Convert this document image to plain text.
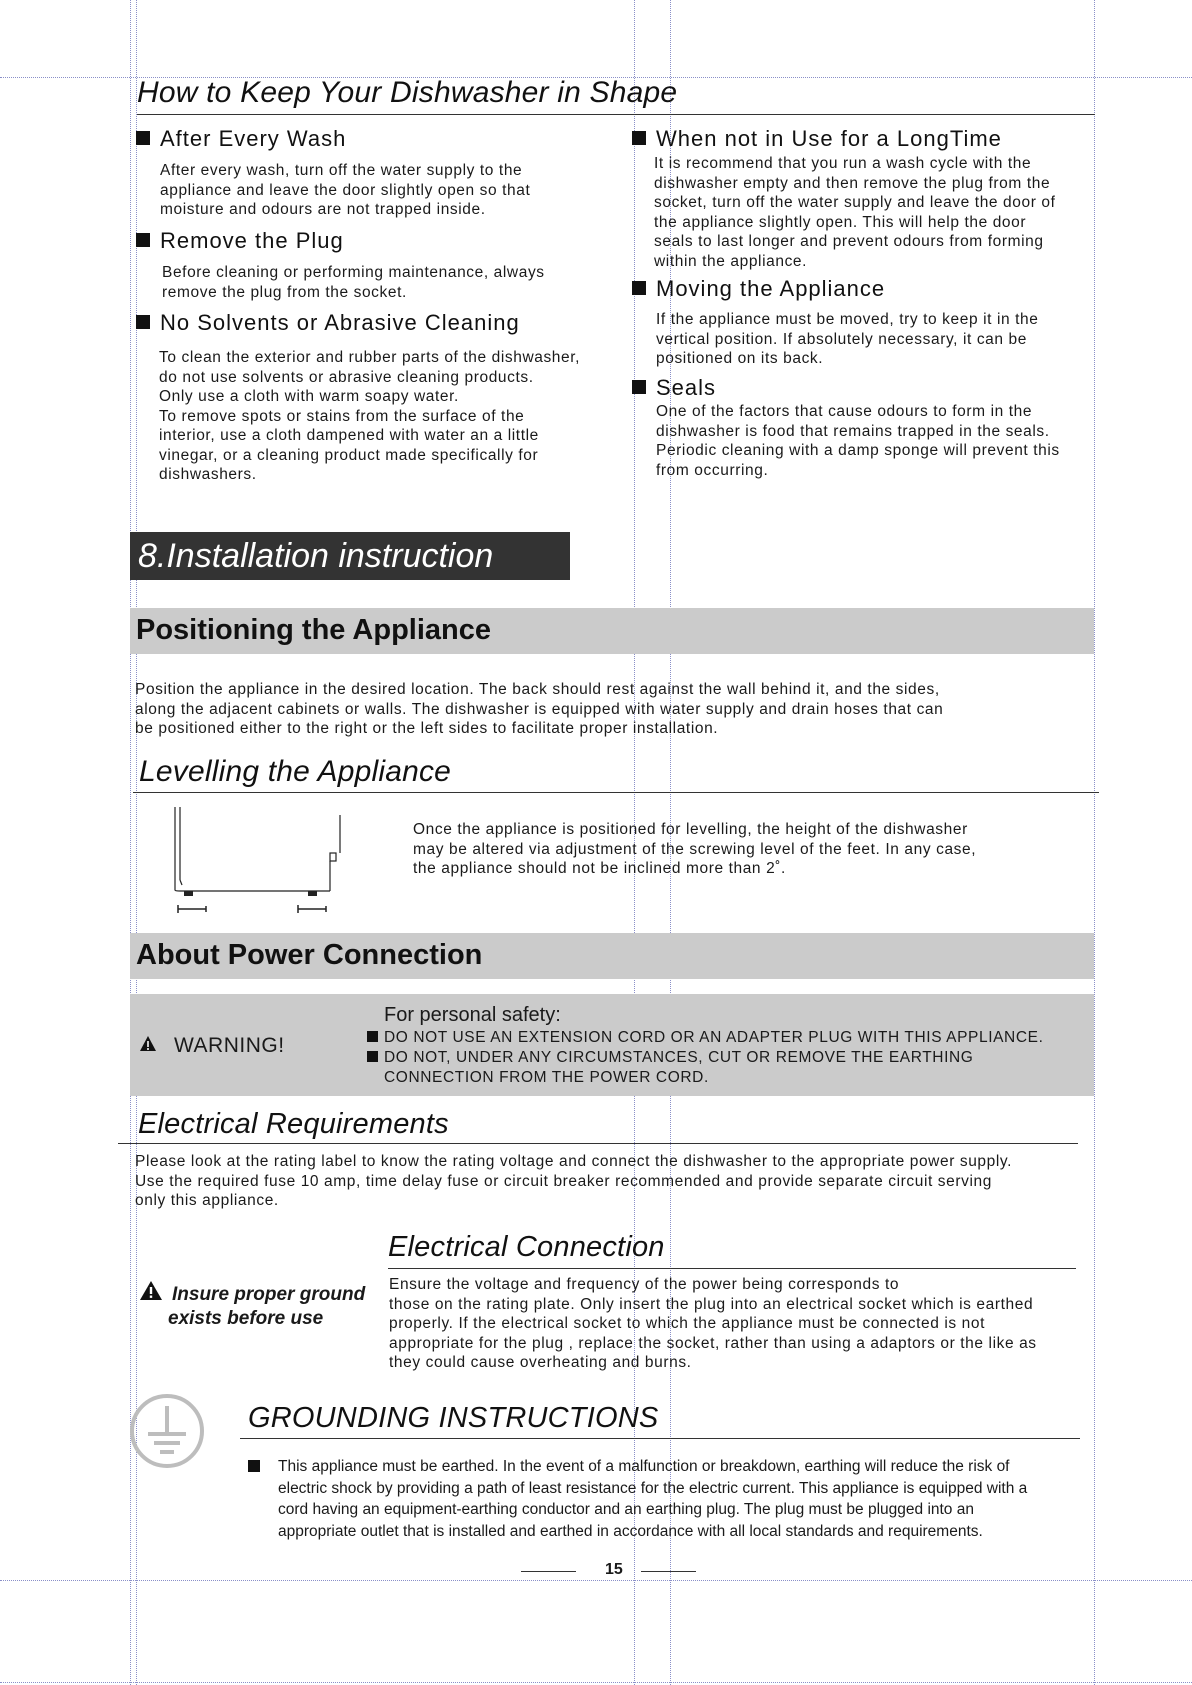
How to Keep Your Dishwasher in Shape
After Every Wash
After every wash, turn off the water supply to the
appliance and leave the door slightly open so that
moisture and odours are not trapped inside.
Remove the Plug
Before cleaning or performing maintenance, always
remove the plug from the socket.
No Solvents or Abrasive Cleaning
To clean the exterior and rubber parts of the dishwasher,
do not use solvents or abrasive cleaning products.
Only use a cloth with warm soapy water.
To remove spots or stains from the surface of the
interior, use a cloth dampened with water an a little
vinegar, or a cleaning product made specifically for
dishwashers.
When not in Use for a LongTime
It is recommend that you run a wash cycle with the
dishwasher empty and then remove the plug from the
socket, turn off the water supply and leave the door of
the appliance slightly open. This will help the door
seals to last longer and prevent odours from forming
within the appliance.
Moving the Appliance
If the appliance must be moved, try to keep it in the
vertical position. If absolutely necessary, it can be
positioned on its back.
Seals
One of the factors that cause odours to form in the
dishwasher is food that remains trapped in the seals.
Periodic cleaning with a damp sponge will prevent this
from occurring.
8.Installation instruction
Positioning the Appliance
Position the appliance in the desired location. The back should rest against the wall behind it, and the sides,
along the adjacent cabinets or walls. The dishwasher is equipped with water supply and drain hoses that can
be positioned either to the right or the left sides to facilitate proper installation.
Levelling the Appliance
Once the appliance is positioned for levelling, the height of the dishwasher
may be altered via adjustment of the screwing level of the feet. In any case,
the appliance should not be inclined more than 2˚.
About Power Connection
WARNING!
For personal safety:
DO NOT USE AN EXTENSION CORD OR AN ADAPTER PLUG WITH THIS APPLIANCE.
DO NOT, UNDER ANY CIRCUMSTANCES, CUT OR REMOVE THE EARTHING
CONNECTION FROM THE POWER CORD.
Electrical Requirements
Please look at the rating label to know the rating voltage and connect the dishwasher to the appropriate power supply.
Use the required fuse 10 amp, time delay fuse or circuit breaker recommended and provide separate circuit serving
only this appliance.
Electrical Connection
Insure proper ground
exists before use
Ensure the voltage and frequency of the power being corresponds to
those on the rating plate. Only insert the plug into an electrical socket which is earthed
properly. If the electrical socket to which the appliance must be connected is not
appropriate for the plug , replace the socket, rather than using a adaptors or the like as
they could cause overheating and burns.
GROUNDING INSTRUCTIONS
This appliance must be earthed. In the event of a malfunction or breakdown, earthing will reduce the risk of
electric shock by providing a path of least resistance for the electric current. This appliance is equipped with a
cord having an equipment-earthing conductor and an earthing plug. The plug must be plugged into an
appropriate outlet that is installed and earthed in accordance with all local standards and requirements.
15
